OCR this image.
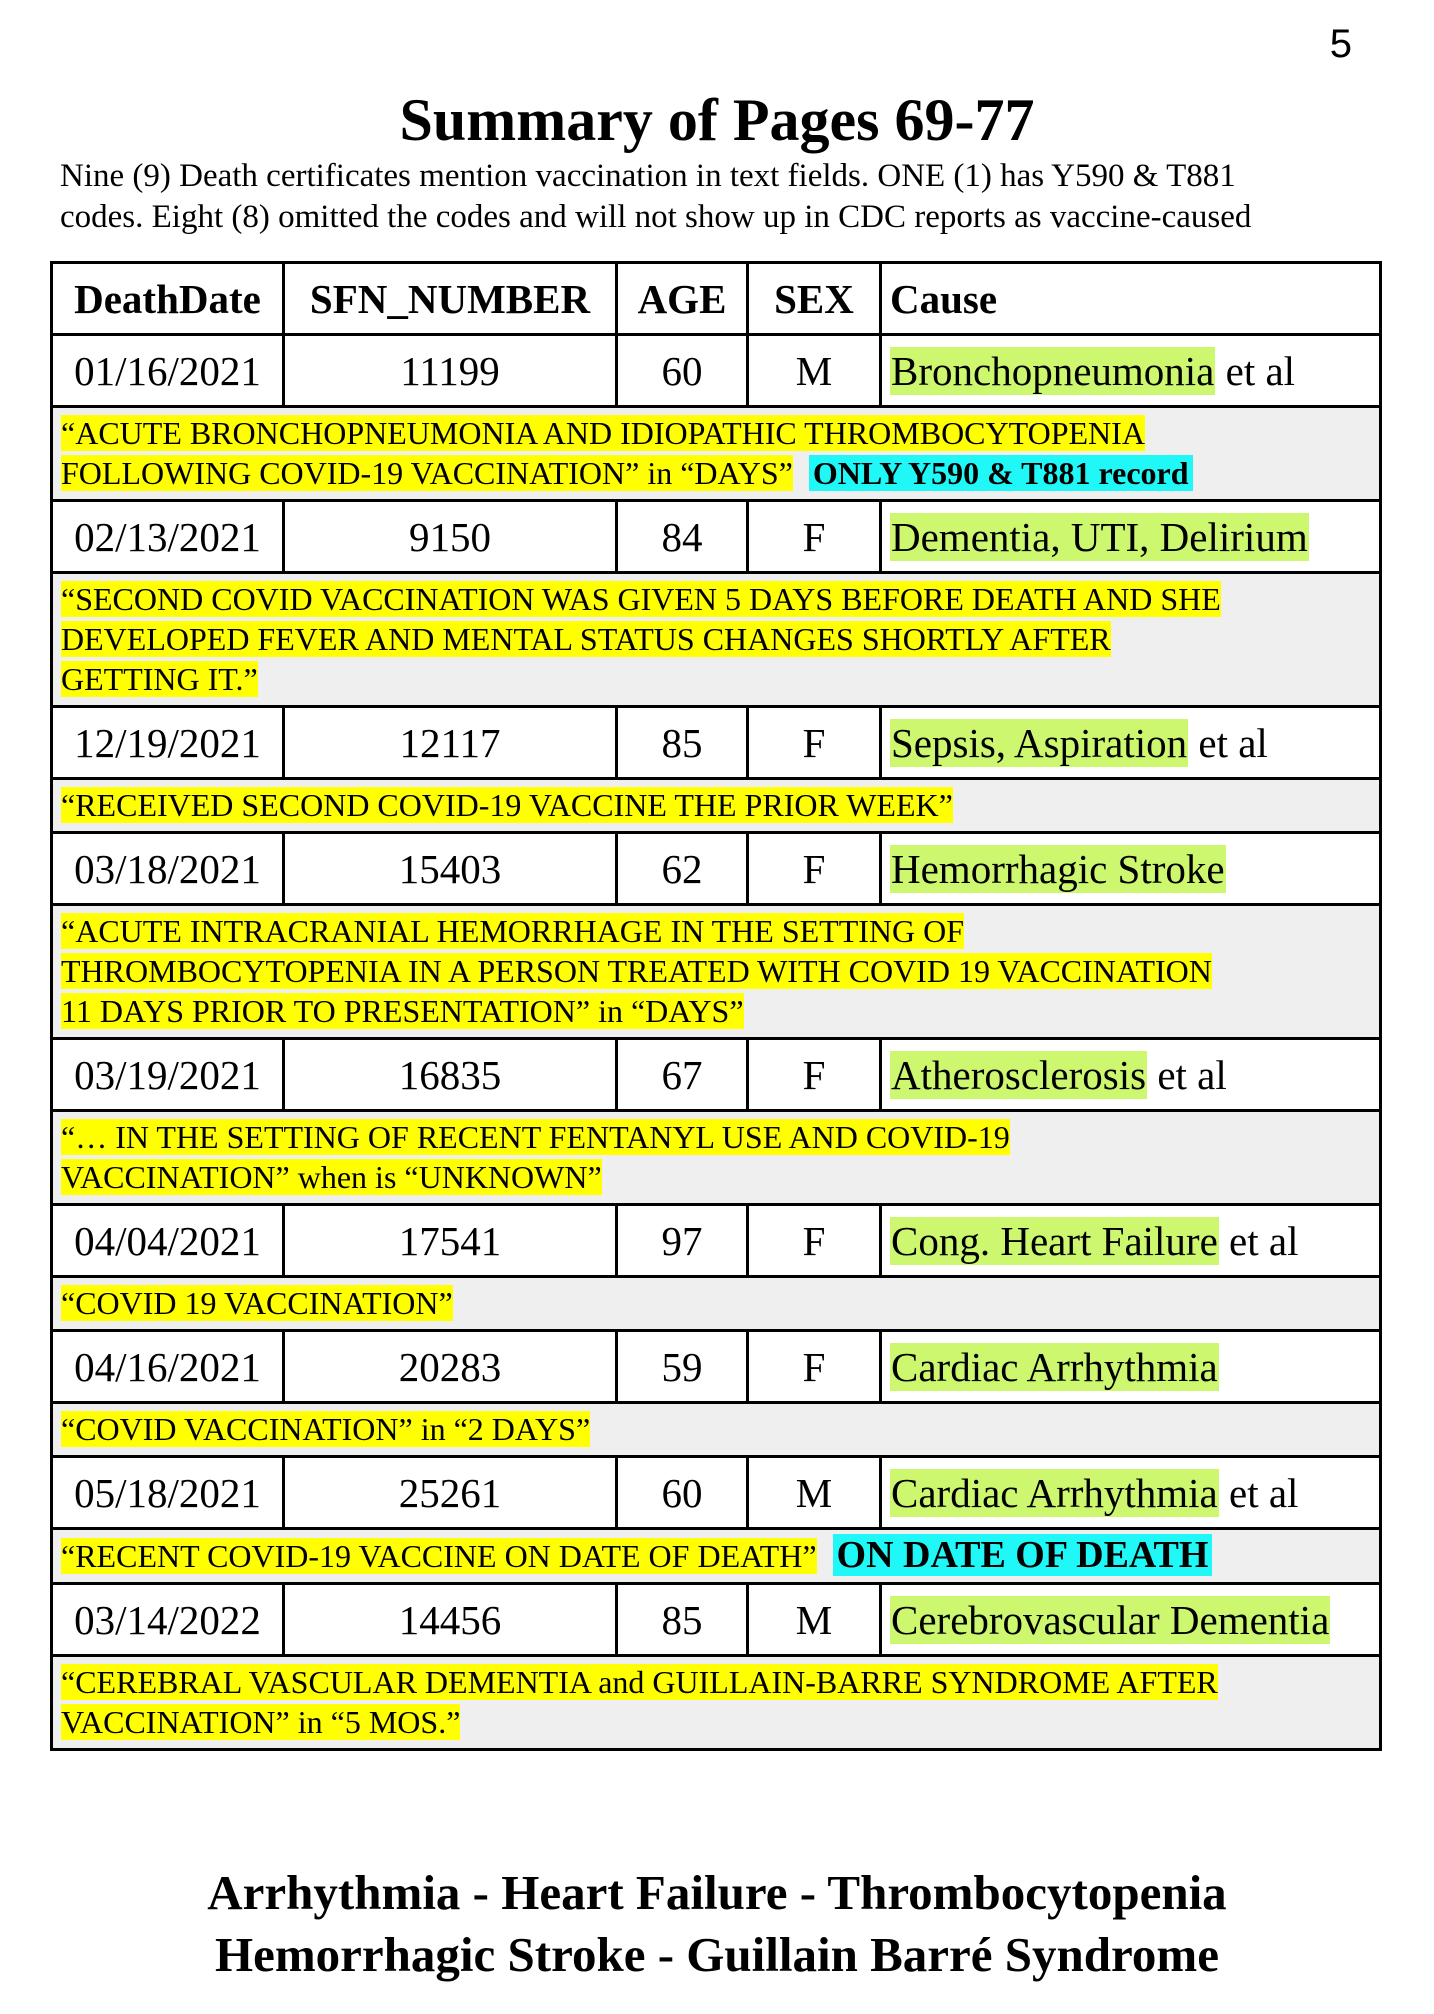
5
Summary of Pages 69-77
Nine (9) Death certificates mention vaccination in text fields. ONE (1) has Y590 & T881
codes. Eight (8) omitted the codes and will not show up in CDC reports as vaccine-caused
DeathDate	SFN_NUMBER	AGE	SEX Cause
01/16/2021	11199	60	M	Bronchopneumonia et al
“ACUTE BRONCHOPNEUMONIA AND IDIOPATHIC THROMBOCYTOPENIA
FOLLOWING COVID-19 VACCINATION” in “DAYS” ONLY Y590 & T881 record
02/13/2021	9150	84	F	Dementia, UTI, Delirium
“SECOND COVID VACCINATION WAS GIVEN 5 DAYS BEFORE DEATH AND SHE
DEVELOPED FEVER AND MENTAL STATUS CHANGES SHORTLY AFTER
GETTING IT.”
12/19/2021	12117	85	F	Sepsis, Aspiration et al
“RECEIVED SECOND COVID-19 VACCINE THE PRIOR WEEK”
03/18/2021	15403	62	F	Hemorrhagic Stroke
“ACUTE INTRACRANIAL HEMORRHAGE IN THE SETTING OF
THROMBOCYTOPENIA IN A PERSON TREATED WITH COVID 19 VACCINATION
11 DAYS PRIOR TO PRESENTATION” in “DAYS”
03/19/2021	16835	67	F	Atherosclerosis et al
“… IN THE SETTING OF RECENT FENTANYL USE AND COVID-19
VACCINATION” when is “UNKNOWN”
04/04/2021	17541	97	F	Cong. Heart Failure et al
“COVID 19 VACCINATION”
04/16/2021	20283	59	F	Cardiac Arrhythmia
“COVID VACCINATION” in “2 DAYS”
05/18/2021	25261	60	M	Cardiac Arrhythmia et al
“RECENT COVID-19 VACCINE ON DATE OF DEATH” ON DATE OF DEATH
03/14/2022	14456	85	M	Cerebrovascular Dementia
“CEREBRAL VASCULAR DEMENTIA and GUILLAIN-BARRE SYNDROME AFTER
VACCINATION” in “5 MOS.”
Arrhythmia - Heart Failure - Thrombocytopenia
Hemorrhagic Stroke - Guillain Barré Syndrome
